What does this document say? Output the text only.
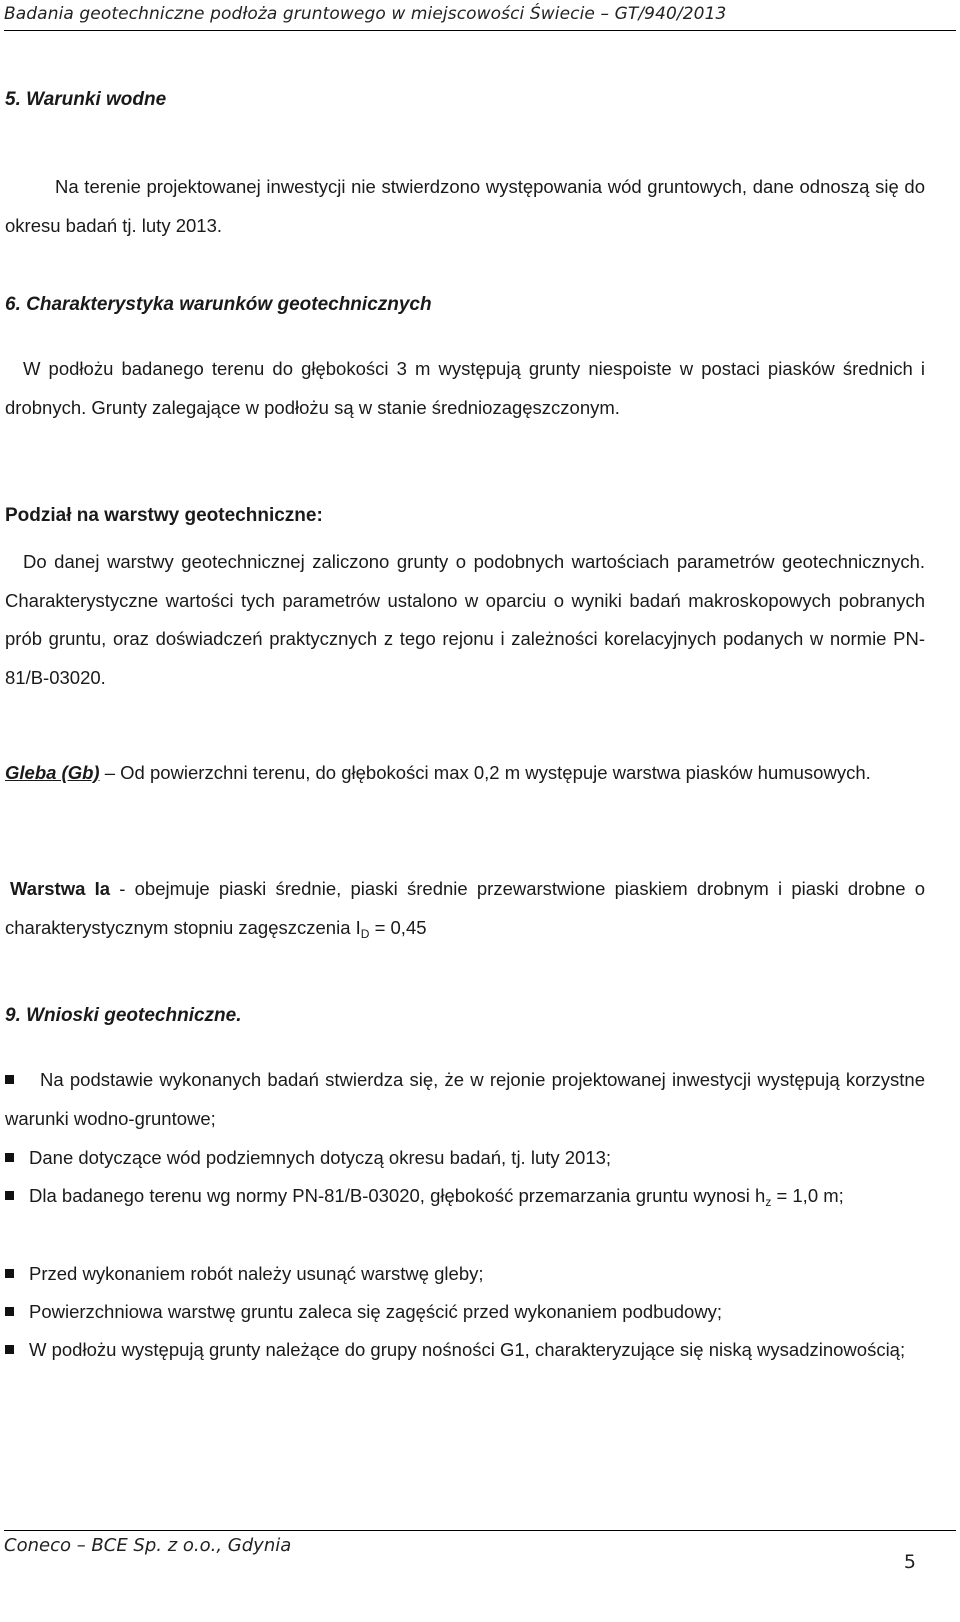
Badania geotechniczne podłoża gruntowego w miejscowości Świecie – GT/940/2013
5. Warunki wodne
Na terenie projektowanej inwestycji nie stwierdzono występowania wód gruntowych, dane odnoszą się do okresu badań tj. luty 2013.
6. Charakterystyka warunków geotechnicznych
W podłożu badanego terenu do głębokości 3 m występują grunty niespoiste w postaci piasków średnich i drobnych. Grunty zalegające w podłożu są w stanie średniozagęszczonym.
Podział na warstwy geotechniczne:
Do danej warstwy geotechnicznej zaliczono grunty o podobnych wartościach parametrów geotechnicznych. Charakterystyczne wartości tych parametrów ustalono w oparciu o wyniki badań makroskopowych pobranych prób gruntu, oraz doświadczeń praktycznych z tego rejonu i zależności korelacyjnych podanych w normie PN-81/B-03020.
Gleba (Gb) – Od powierzchni terenu, do głębokości max 0,2 m występuje warstwa piasków humusowych.
Warstwa Ia - obejmuje piaski średnie, piaski średnie przewarstwione piaskiem drobnym i piaski drobne o charakterystycznym stopniu zagęszczenia $I_D = 0,45$
9. Wnioski geotechniczne.
Na podstawie wykonanych badań stwierdza się, że w rejonie projektowanej inwestycji występują korzystne warunki wodno-gruntowe;
Dane dotyczące wód podziemnych dotyczą okresu badań, tj. luty 2013;
Dla badanego terenu wg normy PN-81/B-03020, głębokość przemarzania gruntu wynosi $h_z = 1,0$ m;
Przed wykonaniem robót należy usunąć warstwę gleby;
Powierzchniowa warstwę gruntu zaleca się zagęścić przed wykonaniem podbudowy;
W podłożu występują grunty należące do grupy nośności G1, charakteryzujące się niską wysadzinowością;
Coneco – BCE Sp. z o.o., Gdynia
5
